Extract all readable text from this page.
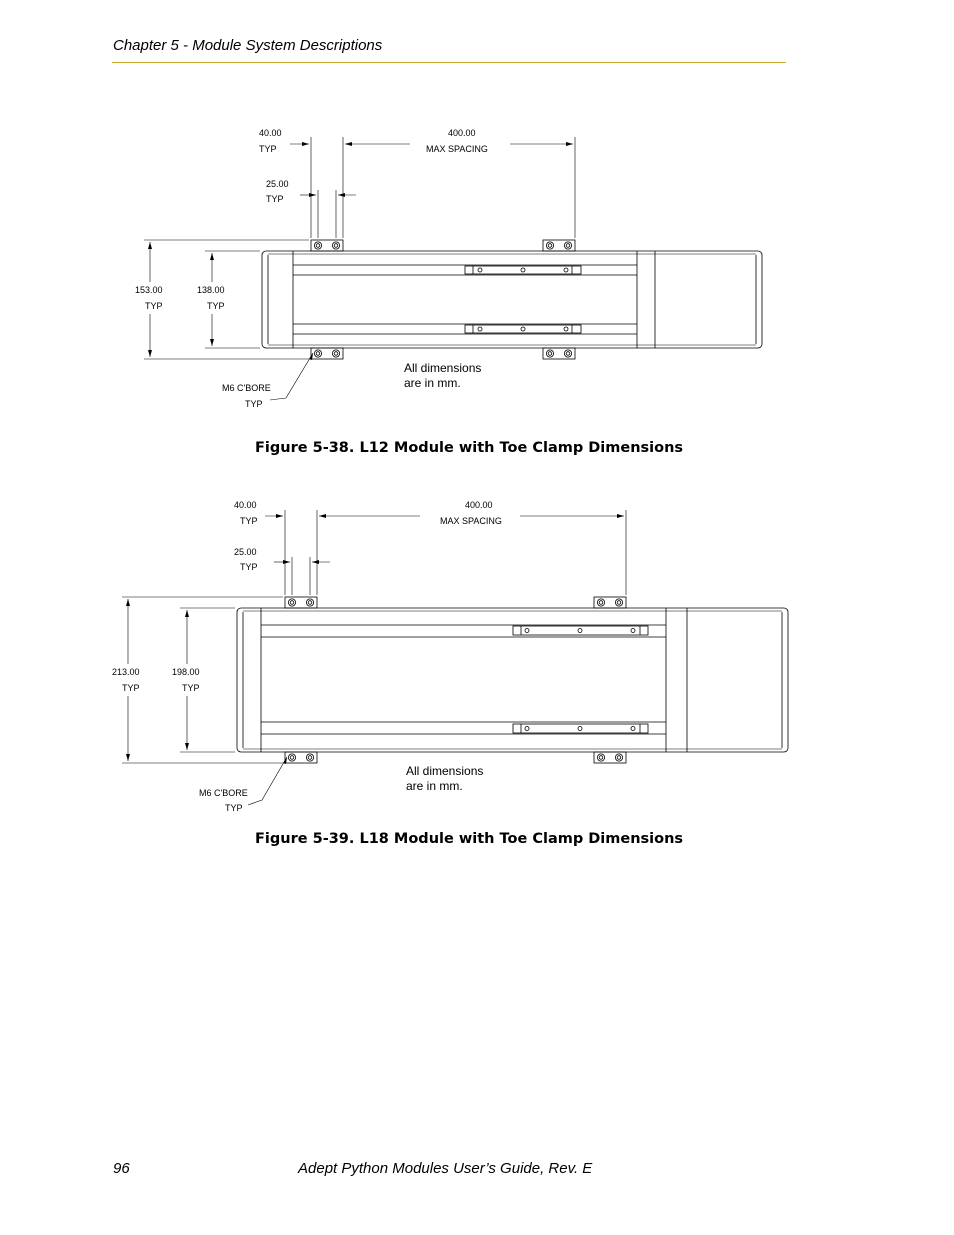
Chapter 5 - Module System Descriptions
40.00
TYP
400.00
MAX SPACING
25.00
TYP
153.00
TYP
138.00
TYP
M6 C'BORE
TYP
All dimensions
are in mm.
Figure 5-38. L12 Module with Toe Clamp Dimensions
40.00
TYP
400.00
MAX SPACING
25.00
TYP
213.00
TYP
198.00
TYP
M6 C'BORE
TYP
All dimensions
are in mm.
Figure 5-39. L18 Module with Toe Clamp Dimensions
96	Adept Python Modules User’s Guide, Rev. E
